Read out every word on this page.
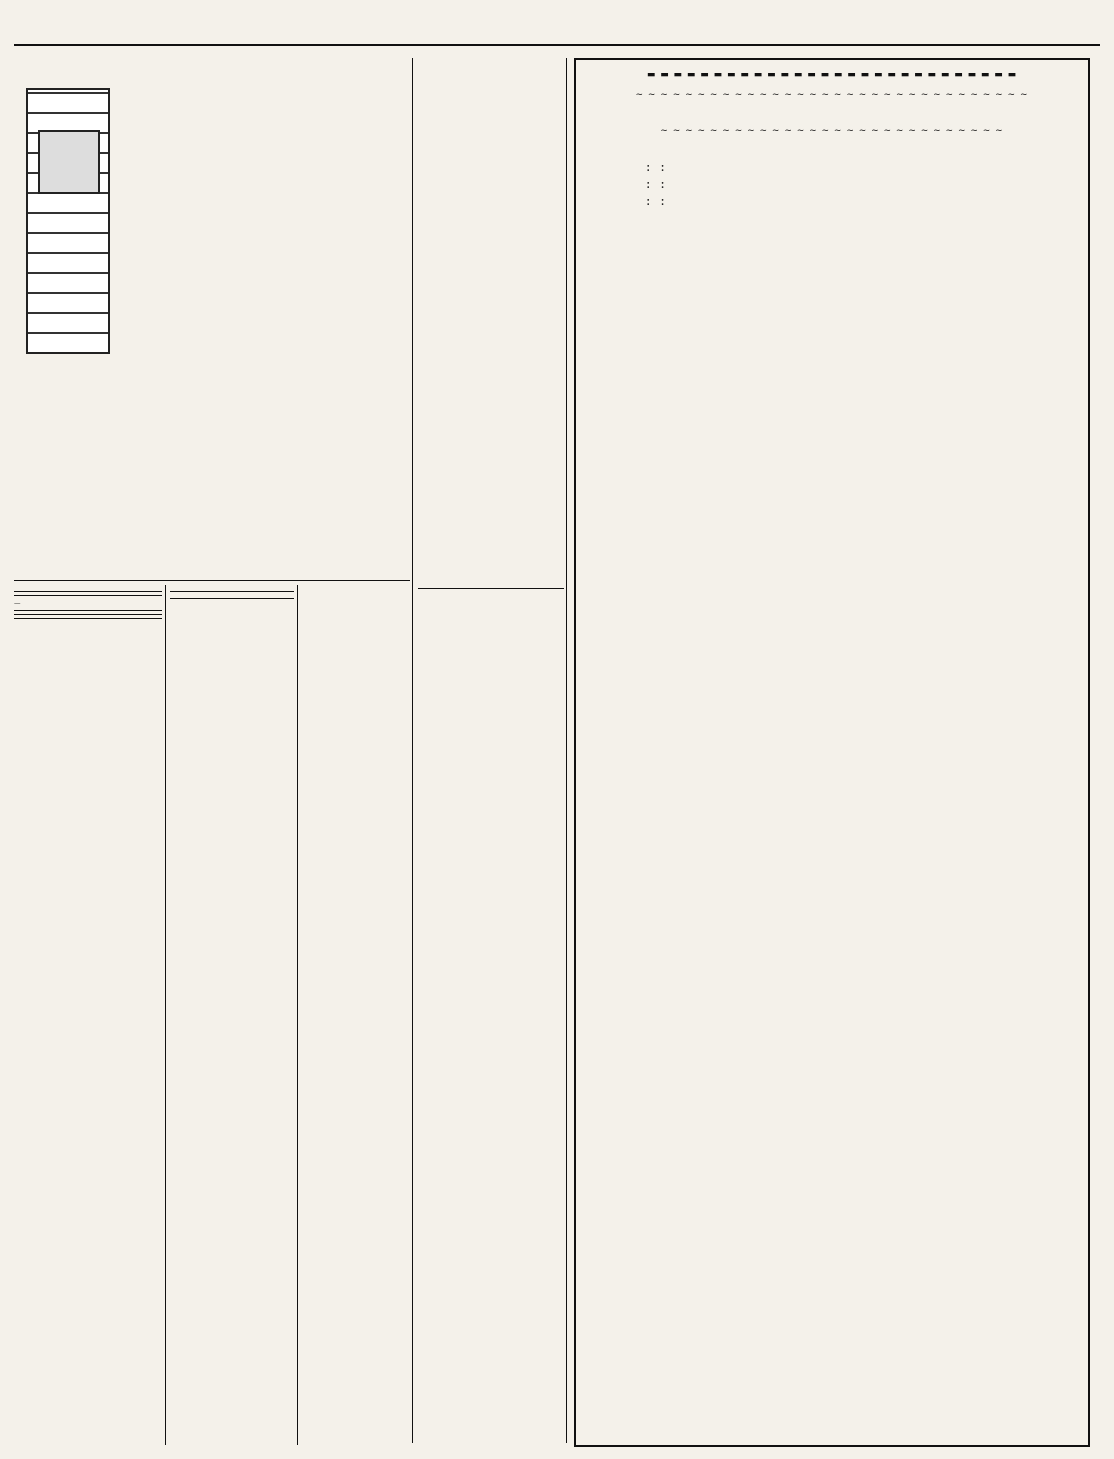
—

▬ ▬ ▬ ▬ ▬ ▬ ▬ ▬ ▬ ▬ ▬ ▬ ▬ ▬ ▬ ▬ ▬ ▬ ▬ ▬ ▬ ▬ ▬ ▬ ▬ ▬ ▬ ▬
~ ~ ~ ~ ~ ~ ~ ~ ~ ~ ~ ~ ~ ~ ~ ~ ~ ~ ~ ~ ~ ~ ~ ~ ~ ~ ~ ~ ~ ~ ~ ~
~ ~ ~ ~ ~ ~ ~ ~ ~ ~ ~ ~ ~ ~ ~ ~ ~ ~ ~ ~ ~ ~ ~ ~ ~ ~ ~ ~

	:	:	
	:	:	
	:	:	
